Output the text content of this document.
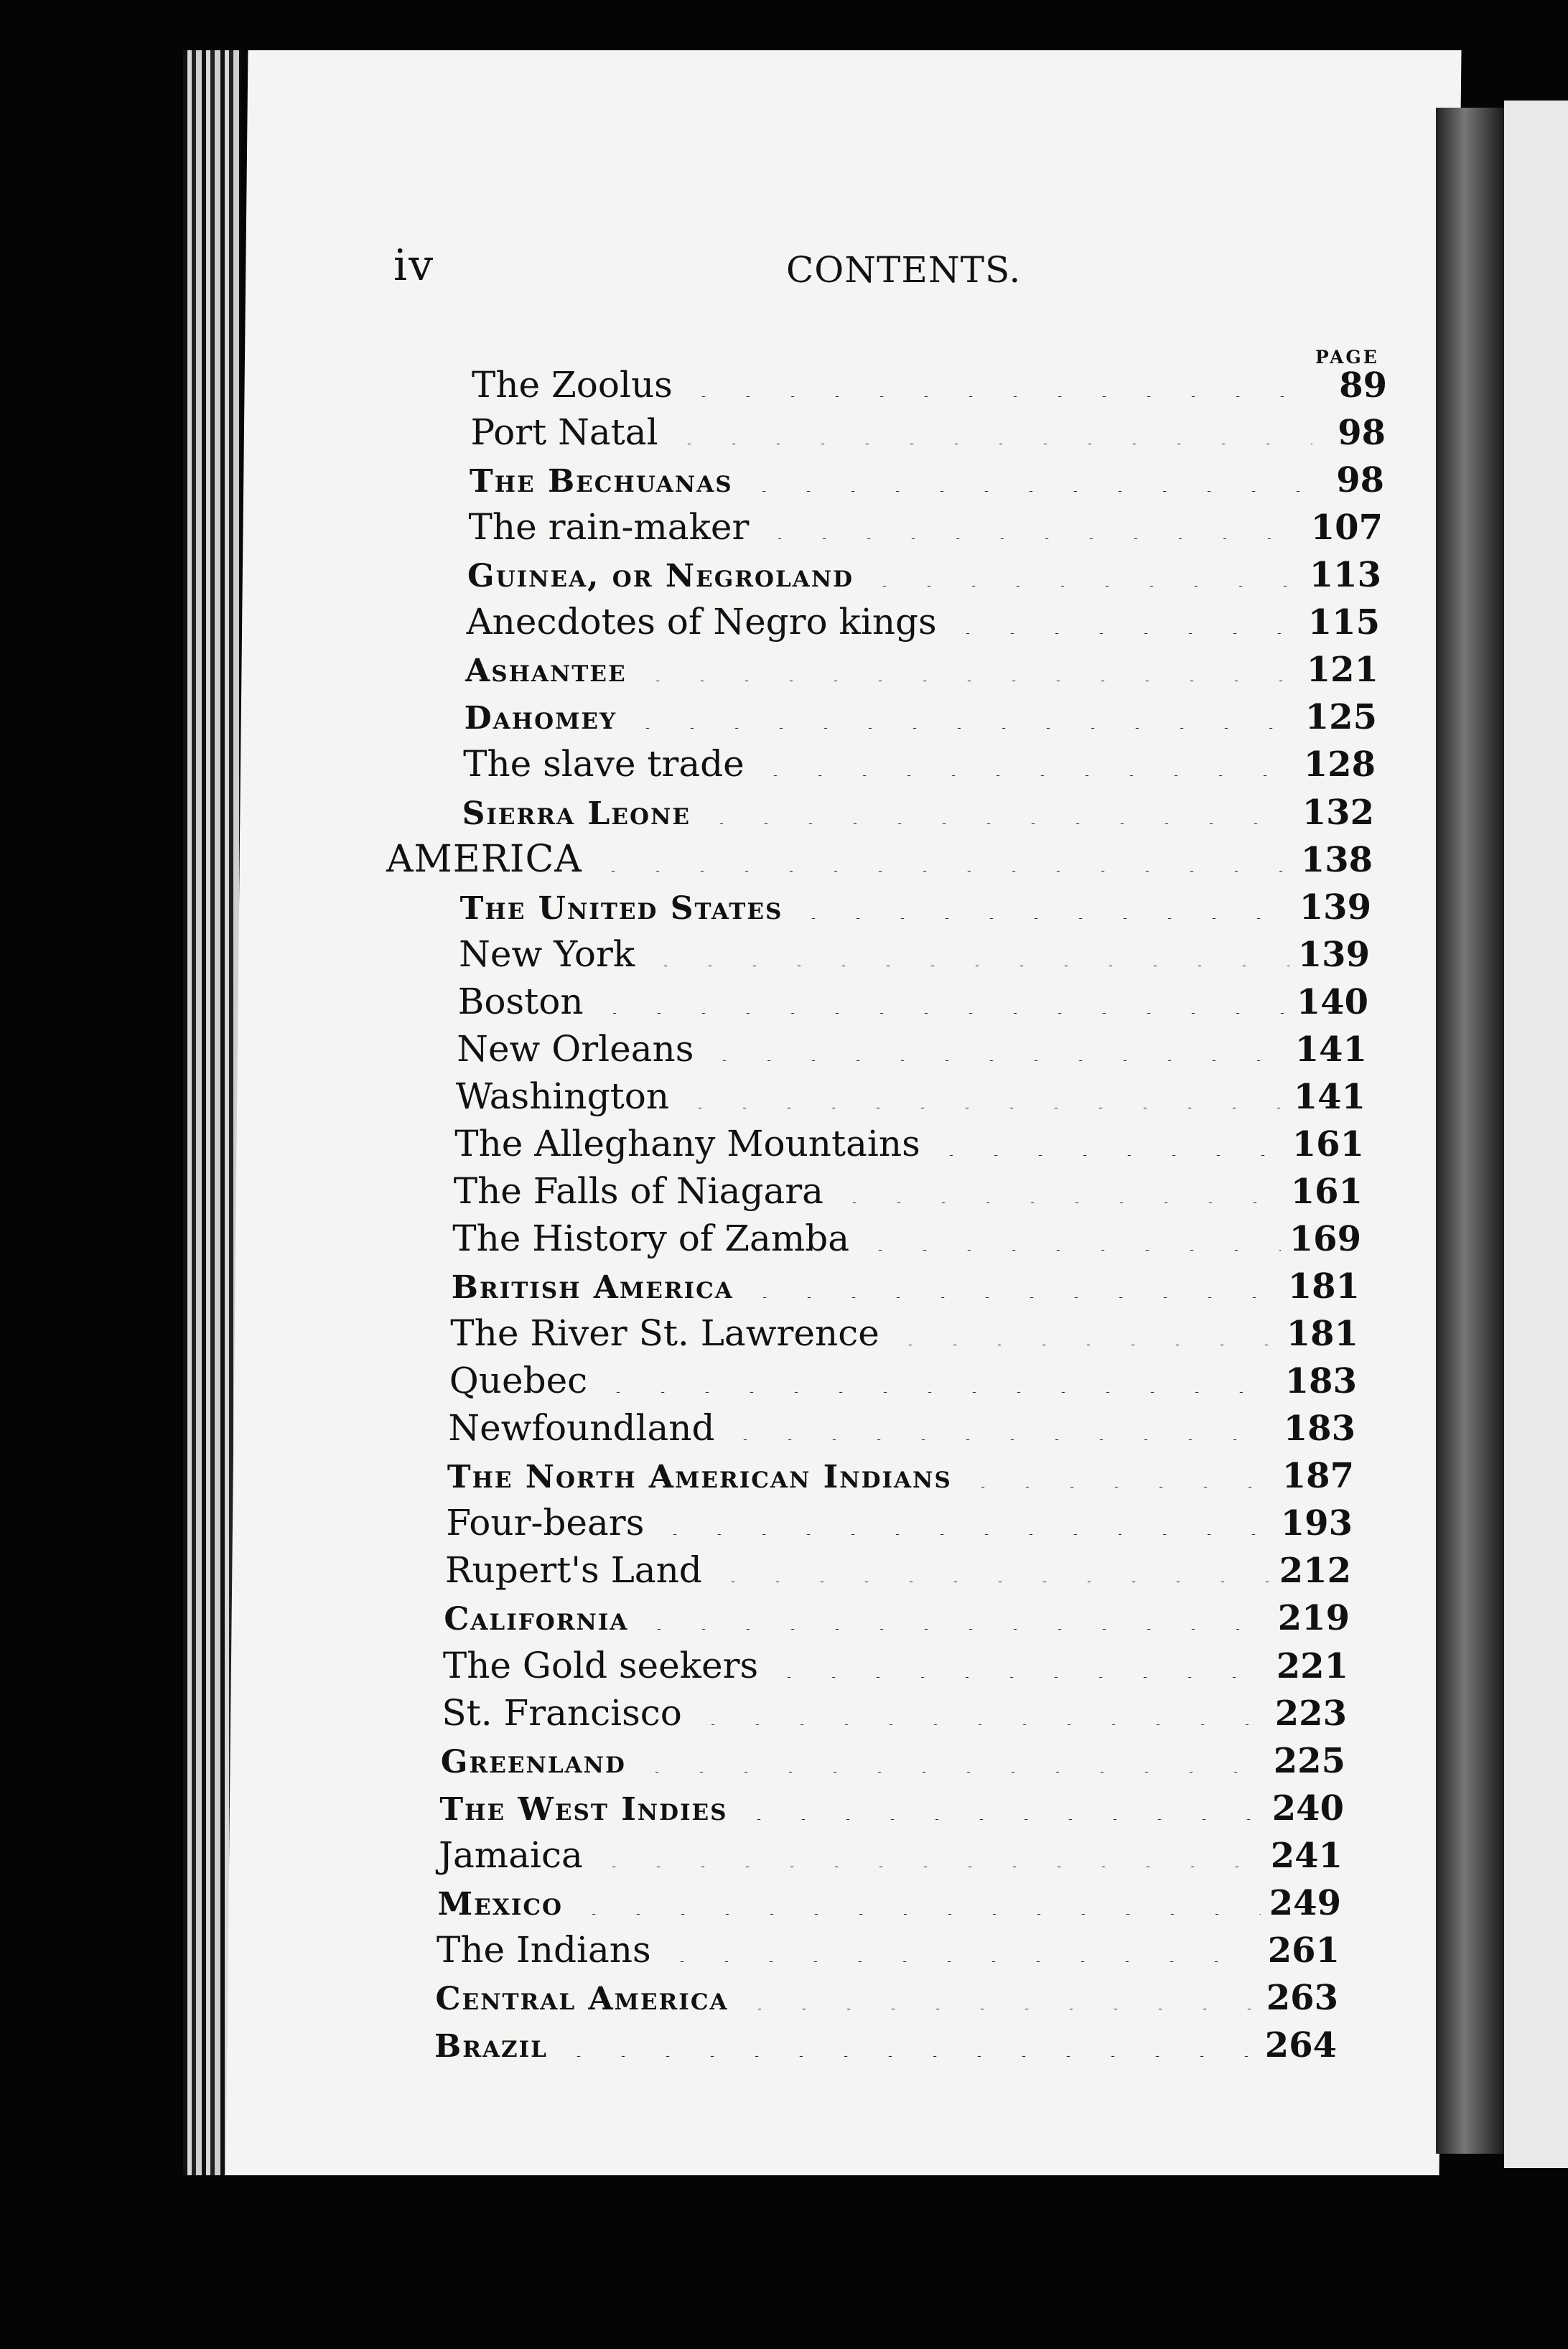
iv	CONTENTS.
PAGE
The Zoolus	89
Port Natal	98
The Bechuanas	98
The rain-maker	107
Guinea, or Negroland	113
Anecdotes of Negro kings	115
Ashantee	121
Dahomey	125
The slave trade	128
Sierra Leone	132
AMERICA	138
The United States	139
New York	139
Boston	140
New Orleans	141
Washington	141
The Alleghany Mountains	161
The Falls of Niagara	161
The History of Zamba	169
British America	181
The River St. Lawrence	181
Quebec	183
Newfoundland	183
The North American Indians	187
Four-bears	193
Rupert's Land	212
California	219
The Gold seekers	221
St. Francisco	223
Greenland	225
The West Indies	240
Jamaica	241
Mexico	249
The Indians	261
Central America	263
Brazil	264
